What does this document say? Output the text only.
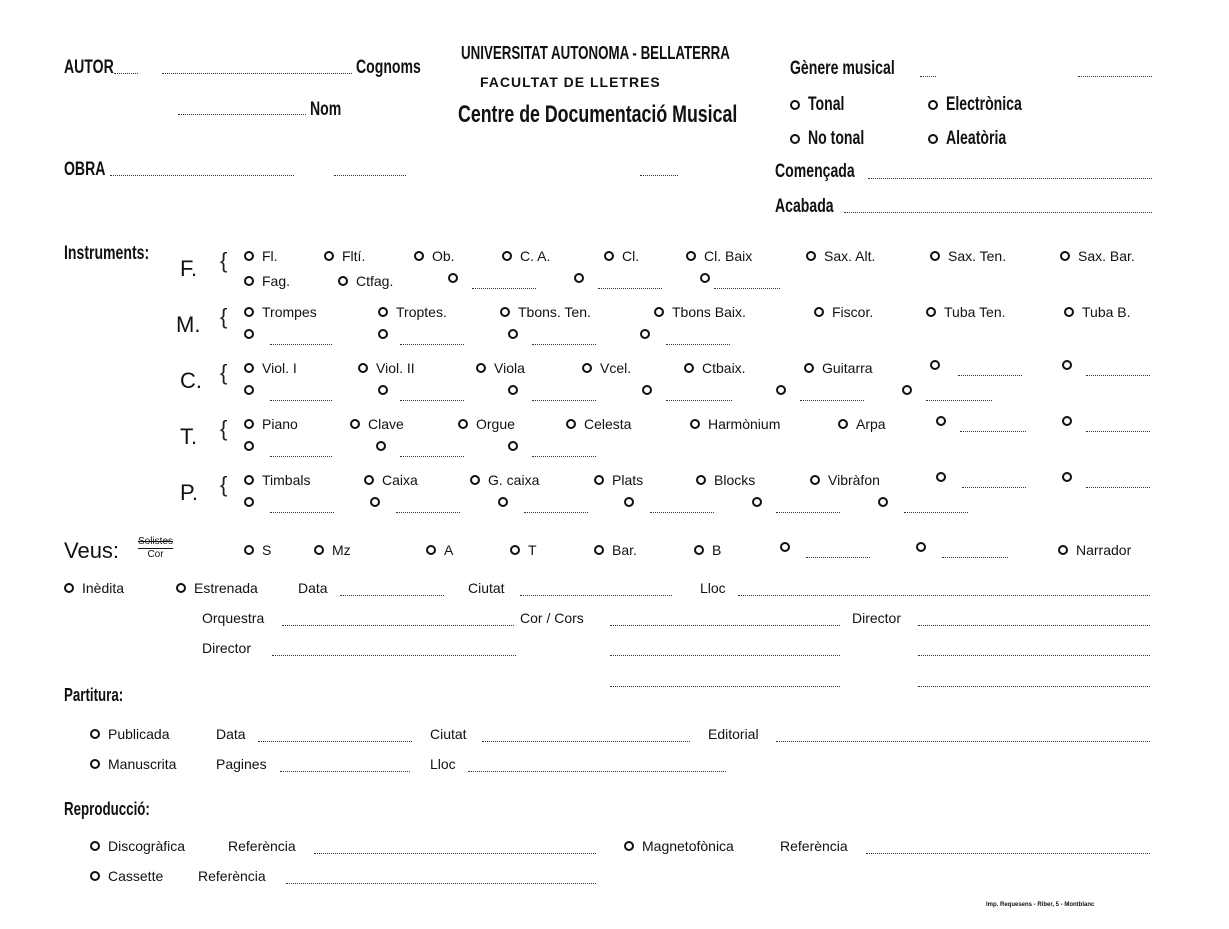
AUTOR	Cognoms
Nom
OBRA
UNIVERSITAT AUTONOMA - BELLATERRA
FACULTAT DE LLETRES
Centre de Documentació Musical
Gènere musical
Tonal	Electrònica
No tonal	Aleatòria
Començada
Acabada
Instruments:
F. { Fl.	Fltí.	Ob.	C. A.	Cl.	Cl. Baix	Sax. Alt.	Sax. Ten.	Sax. Bar.
Fag.	Ctfag.
M. { Trompes	Troptes.	Tbons. Ten.	Tbons Baix.	Fiscor.	Tuba Ten.	Tuba B.
C. { Viol. I	Viol. II	Viola	Vcel.	Ctbaix.	Guitarra
T. { Piano	Clave	Orgue	Celesta	Harmònium	Arpa
P. { Timbals	Caixa	G. caixa	Plats	Blocks	Vibràfon
Veus: Solistes
Cor	S	Mz	A	T	Bar.	B	Narrador
Inèdita	Estrenada	Data	Ciutat	Lloc
Orquestra	Cor / Cors	Director
Director
Partitura:
Publicada	Data	Ciutat	Editorial
Manuscrita	Pagines	Lloc
Reproducció:
Discogràfica	Referència	Magnetofònica	Referència
Cassette Referència
Imp. Requesens - Riber, 5 - Montblanc
